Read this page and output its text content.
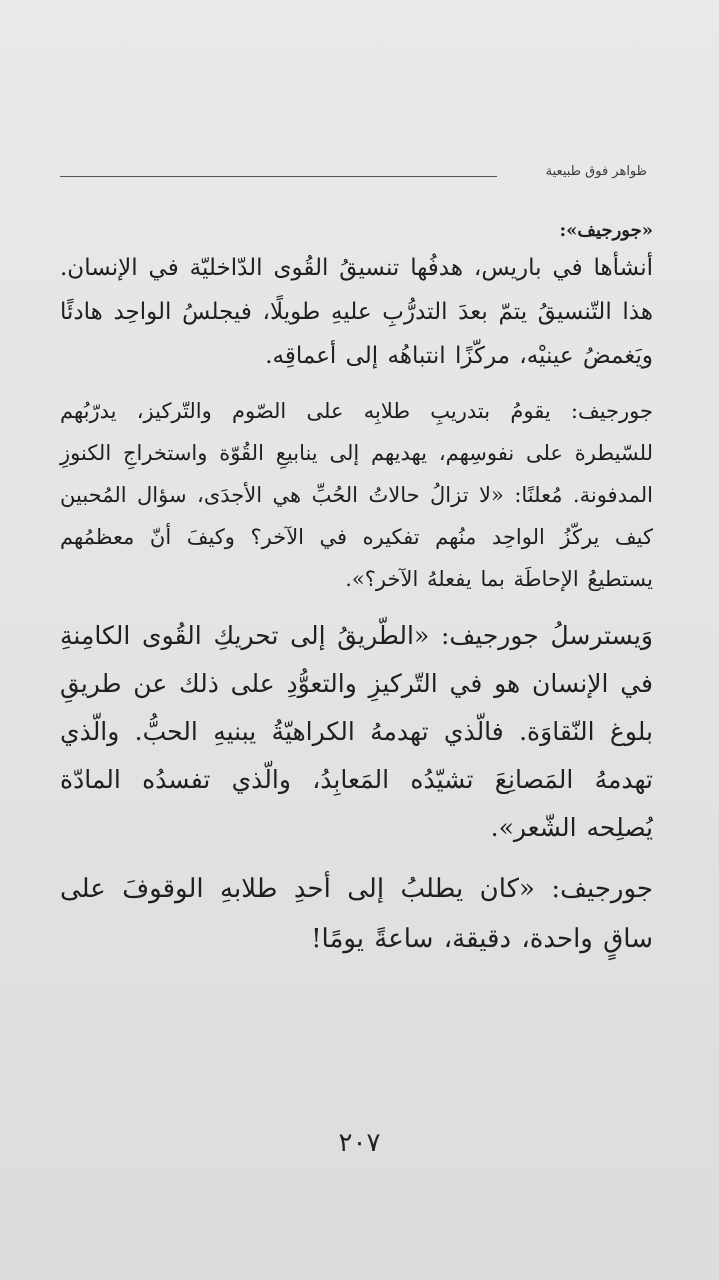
ظواهر فوق طبيعية
«جورجيف»:

أنشأها في باريس، هدفُها تنسيقُ القُوى الدّاخليّة في الإنسان. هذا التّنسيقُ يتمّ بعدَ التدرُّبِ عليهِ طويلًا، فيجلسُ الواحِد هادئًا ويَغمضُ عينيْه، مركّزًا انتباهُه إلى أعماقِه.

جورجيف: يقومُ بتدريبِ طلابِه على الصّوم والتّركيز، يدرّبُهم للسّيطرة على نفوسِهم، يهديهم إلى ينابيعِ القُوّة واستخراجِ الكنوزِ المدفونة. مُعلنًا: «لا تزالُ حالاتُ الحُبِّ هي الأجدَى، سؤال المُحبين كيف يركّزُ الواحِد منُهم تفكيره في الآخر؟ وكيفَ أنّ معظمُهم يستطيعُ الإحاطَة بما يفعلهُ الآخر؟».

وَيسترسلُ جورجيف: «الطّريقُ إلى تحريكِ القُوى الكامِنةِ في الإنسان هو في التّركيزِ والتعوُّدِ على ذلك عن طريقِ بلوغ النّقاوَة. فالّذي تهدمهُ الكراهيّةُ يبنيهِ الحبُّ. والّذي تهدمهُ المَصانِعَ تشيّدُه المَعابِدُ، والّذي تفسدُه المادّة يُصلِحه الشّعر».

جورجيف: «كان يطلبُ إلى أحدِ طلابهِ الوقوفَ على ساقٍ واحدة، دقيقة، ساعةً يومًا!

٢٠٧
